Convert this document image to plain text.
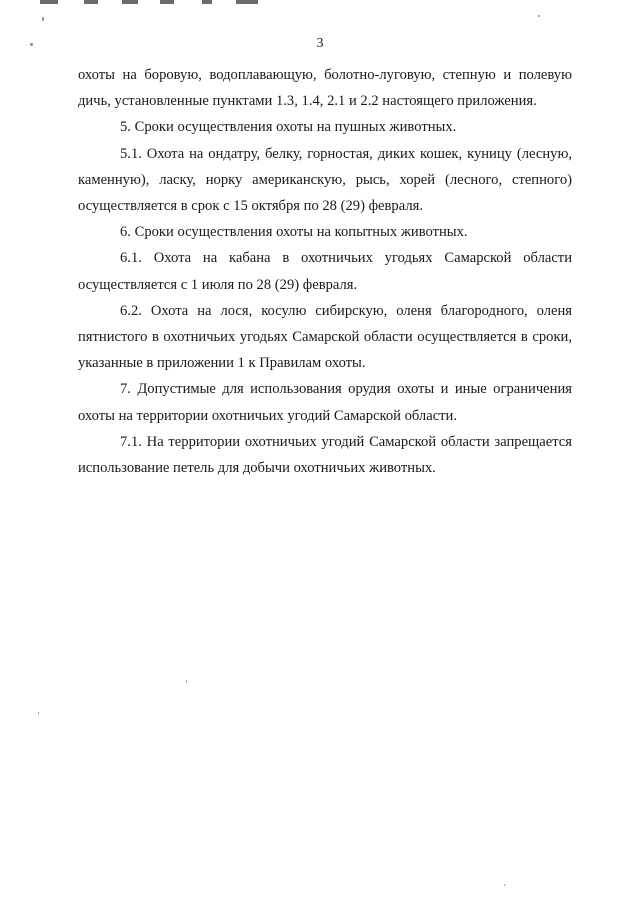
3

охоты на боровую, водоплавающую, болотно-луговую, степную и полевую дичь, установленные пунктами 1.3, 1.4, 2.1 и 2.2 настоящего приложения.

5. Сроки осуществления охоты на пушных животных.

5.1. Охота на ондатру, белку, горностая, диких кошек, куницу (лесную, каменную), ласку, норку американскую, рысь, хорей (лесного, степного) осуществляется в срок с 15 октября по 28 (29) февраля.

6. Сроки осуществления охоты на копытных животных.

6.1. Охота на кабана в охотничьих угодьях Самарской области осуществляется с 1 июля по 28 (29) февраля.

6.2. Охота на лося, косулю сибирскую, оленя благородного, оленя пятнистого в охотничьих угодьях Самарской области осуществляется в сроки, указанные в приложении 1 к Правилам охоты.

7. Допустимые для использования орудия охоты и иные ограничения охоты на территории охотничьих угодий Самарской области.

7.1. На территории охотничьих угодий Самарской области запрещается использование петель для добычи охотничьих животных.
